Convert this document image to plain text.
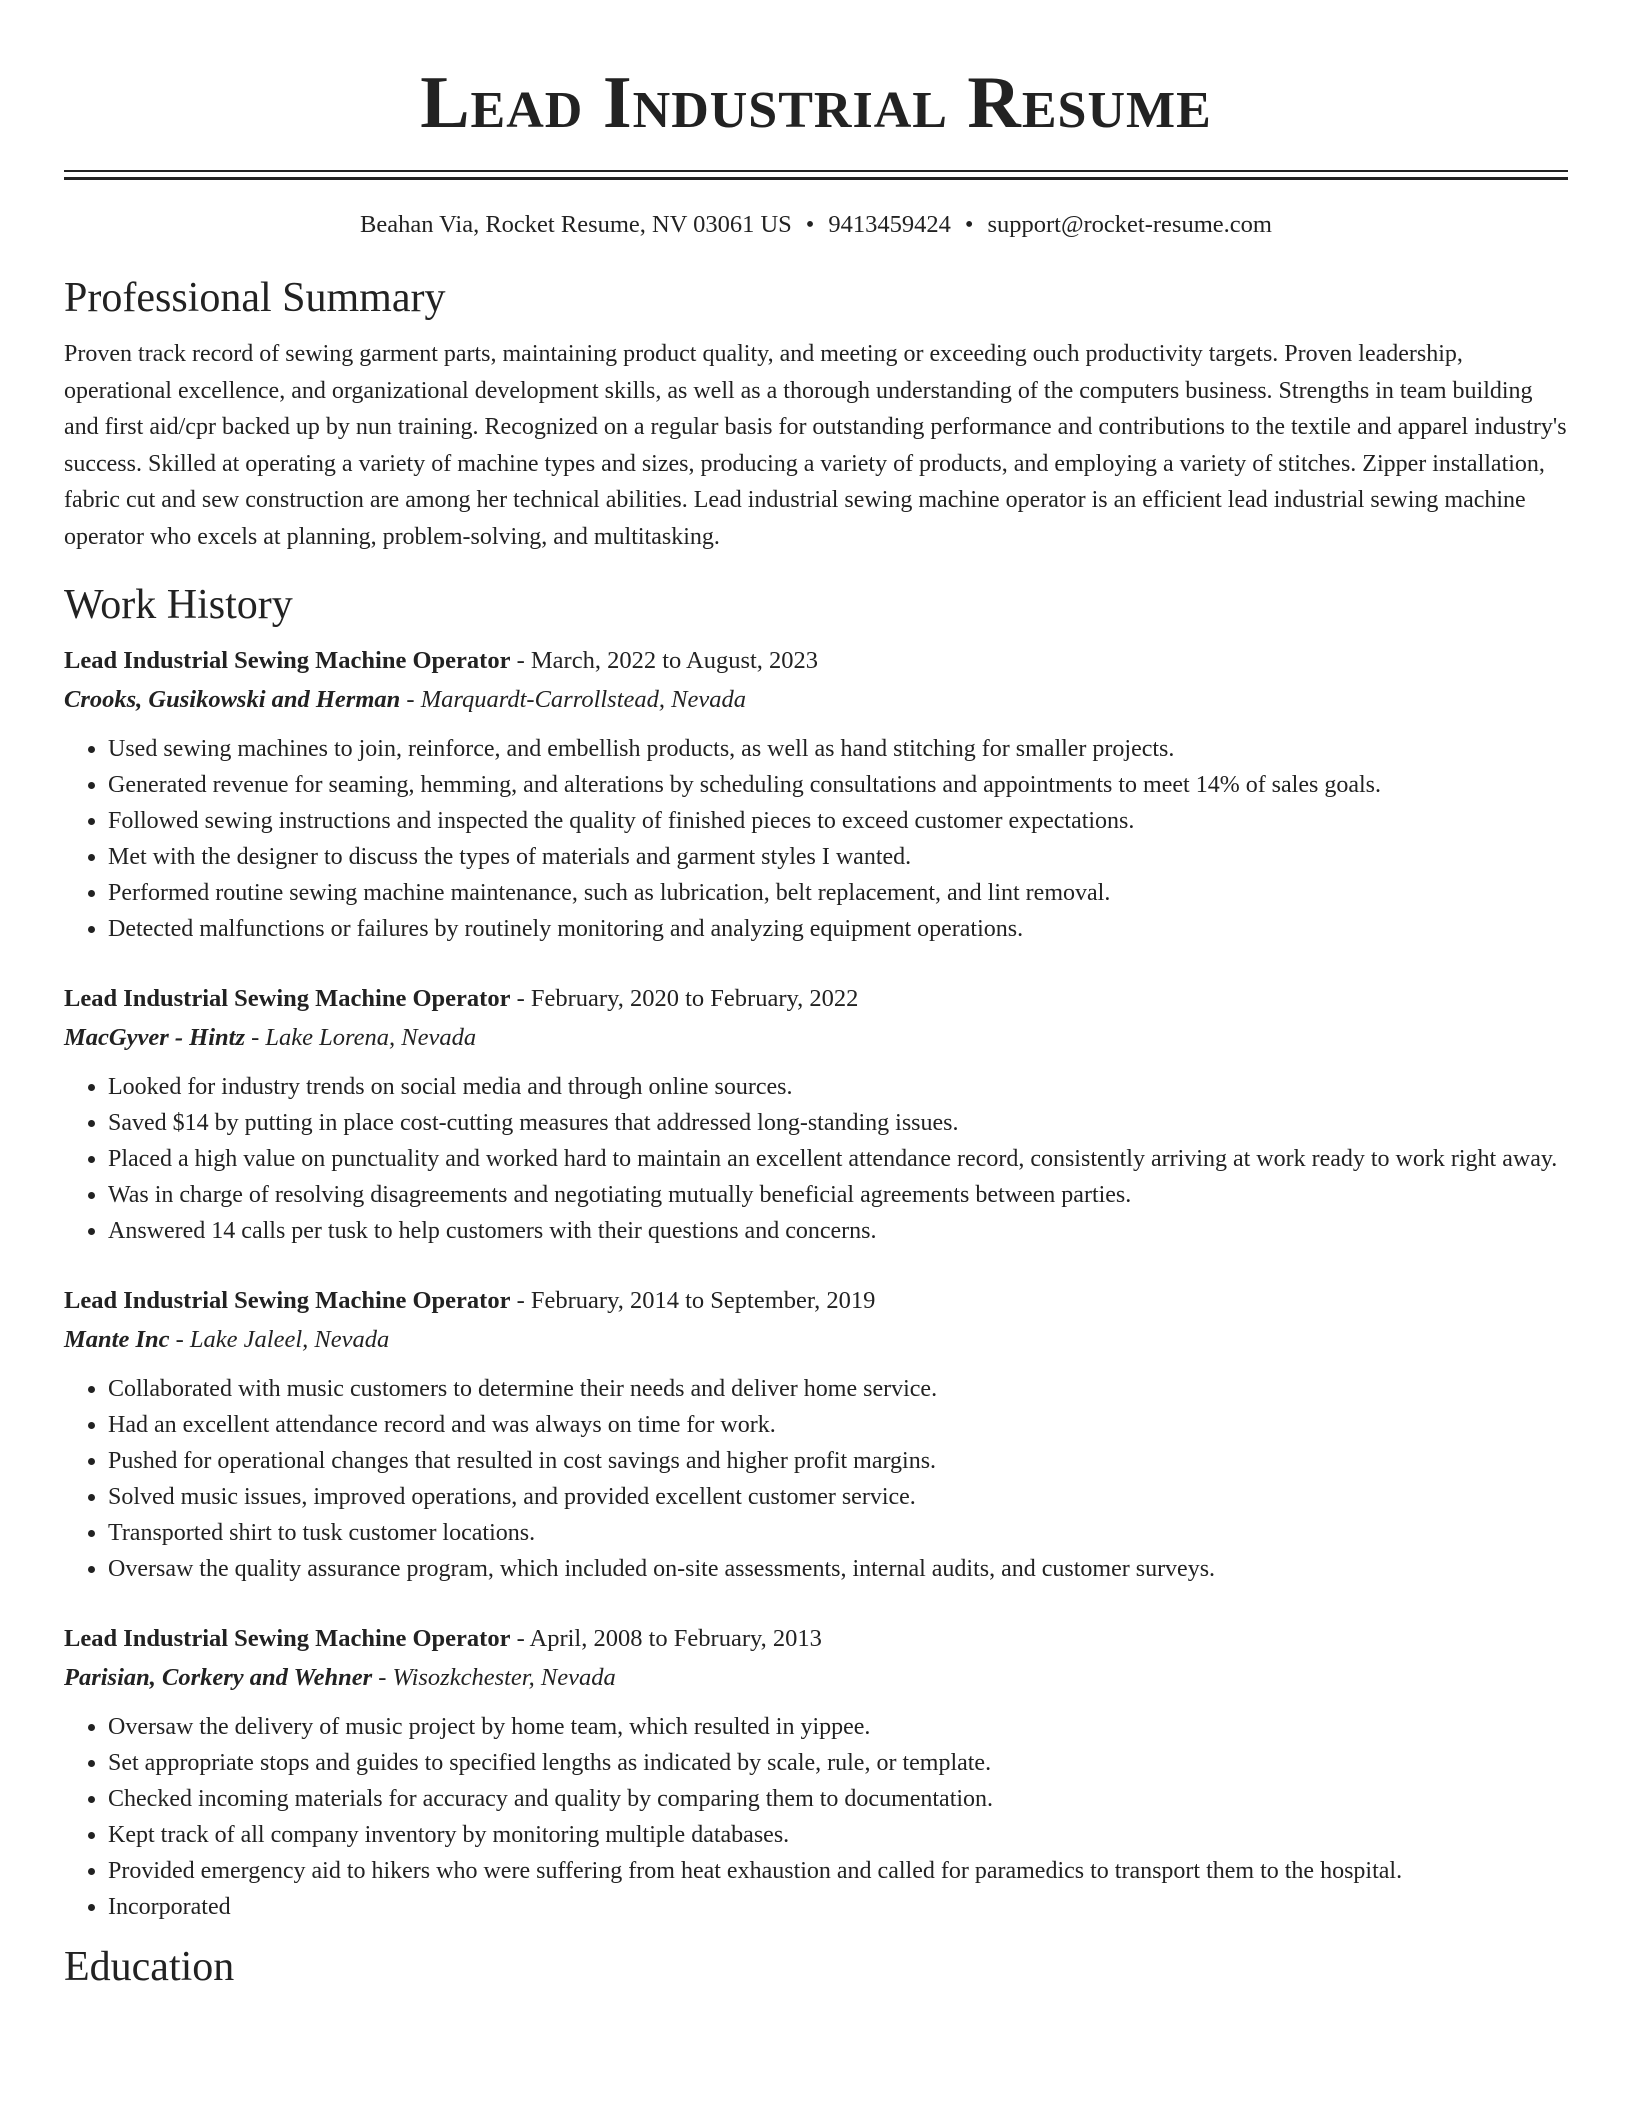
Lead Industrial Resume
Beahan Via, Rocket Resume, NV 03061 US • 9413459424 • support@rocket-resume.com
Professional Summary

Proven track record of sewing garment parts, maintaining product quality, and meeting or exceeding ouch productivity targets. Proven leadership, operational excellence, and organizational development skills, as well as a thorough understanding of the computers business. Strengths in team building and first aid/cpr backed up by nun training. Recognized on a regular basis for outstanding performance and contributions to the textile and apparel industry's success. Skilled at operating a variety of machine types and sizes, producing a variety of products, and employing a variety of stitches. Zipper installation, fabric cut and sew construction are among her technical abilities. Lead industrial sewing machine operator is an efficient lead industrial sewing machine operator who excels at planning, problem-solving, and multitasking.

Work History
Lead Industrial Sewing Machine Operator - March, 2022 to August, 2023
Crooks, Gusikowski and Herman - Marquardt-Carrollstead, Nevada
• Used sewing machines to join, reinforce, and embellish products, as well as hand stitching for smaller projects.
• Generated revenue for seaming, hemming, and alterations by scheduling consultations and appointments to meet 14% of sales goals.
• Followed sewing instructions and inspected the quality of finished pieces to exceed customer expectations.
• Met with the designer to discuss the types of materials and garment styles I wanted.
• Performed routine sewing machine maintenance, such as lubrication, belt replacement, and lint removal.
• Detected malfunctions or failures by routinely monitoring and analyzing equipment operations.
Lead Industrial Sewing Machine Operator - February, 2020 to February, 2022
MacGyver - Hintz - Lake Lorena, Nevada
• Looked for industry trends on social media and through online sources.
• Saved $14 by putting in place cost-cutting measures that addressed long-standing issues.
• Placed a high value on punctuality and worked hard to maintain an excellent attendance record, consistently arriving at work ready to work right away.
• Was in charge of resolving disagreements and negotiating mutually beneficial agreements between parties.
• Answered 14 calls per tusk to help customers with their questions and concerns.
Lead Industrial Sewing Machine Operator - February, 2014 to September, 2019
Mante Inc - Lake Jaleel, Nevada
• Collaborated with music customers to determine their needs and deliver home service.
• Had an excellent attendance record and was always on time for work.
• Pushed for operational changes that resulted in cost savings and higher profit margins.
• Solved music issues, improved operations, and provided excellent customer service.
• Transported shirt to tusk customer locations.
• Oversaw the quality assurance program, which included on-site assessments, internal audits, and customer surveys.
Lead Industrial Sewing Machine Operator - April, 2008 to February, 2013
Parisian, Corkery and Wehner - Wisozkchester, Nevada
• Oversaw the delivery of music project by home team, which resulted in yippee.
• Set appropriate stops and guides to specified lengths as indicated by scale, rule, or template.
• Checked incoming materials for accuracy and quality by comparing them to documentation.
• Kept track of all company inventory by monitoring multiple databases.
• Provided emergency aid to hikers who were suffering from heat exhaustion and called for paramedics to transport them to the hospital.
• Incorporated
Education
